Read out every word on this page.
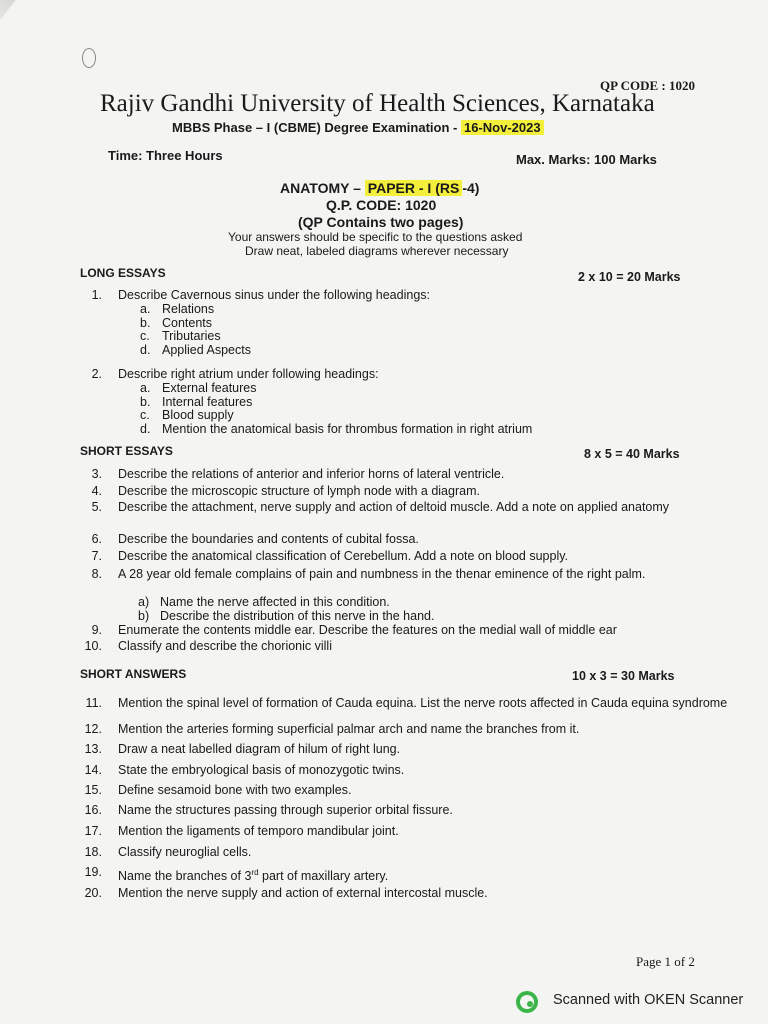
QP CODE : 1020
Rajiv Gandhi University of Health Sciences, Karnataka
MBBS Phase – I (CBME) Degree Examination - 16-Nov-2023
Time: Three Hours	Max. Marks: 100 Marks
ANATOMY – PAPER - I (RS -4)
Q.P. CODE: 1020
(QP Contains two pages)
Your answers should be specific to the questions asked
Draw neat, labeled diagrams wherever necessary
LONG ESSAYS	2 x 10 = 20 Marks
1. Describe Cavernous sinus under the following headings:
a. Relations
b. Contents
c. Tributaries
d. Applied Aspects
2. Describe right atrium under following headings:
a. External features
b. Internal features
c. Blood supply
d. Mention the anatomical basis for thrombus formation in right atrium
SHORT ESSAYS	8 x 5 = 40 Marks
3. Describe the relations of anterior and inferior horns of lateral ventricle.
4. Describe the microscopic structure of lymph node with a diagram.
5. Describe the attachment, nerve supply and action of deltoid muscle. Add a note on applied anatomy
6. Describe the boundaries and contents of cubital fossa.
7. Describe the anatomical classification of Cerebellum. Add a note on blood supply.
8. A 28 year old female complains of pain and numbness in the thenar eminence of the right palm.
a) Name the nerve affected in this condition.
b) Describe the distribution of this nerve in the hand.
9. Enumerate the contents middle ear. Describe the features on the medial wall of middle ear
10. Classify and describe the chorionic villi
SHORT ANSWERS	10 x 3 = 30 Marks
11. Mention the spinal level of formation of Cauda equina. List the nerve roots affected in Cauda equina syndrome
12. Mention the arteries forming superficial palmar arch and name the branches from it.
13. Draw a neat labelled diagram of hilum of right lung.
14. State the embryological basis of monozygotic twins.
15. Define sesamoid bone with two examples.
16. Name the structures passing through superior orbital fissure.
17. Mention the ligaments of temporo mandibular joint.
18. Classify neuroglial cells.
19. Name the branches of 3rd part of maxillary artery.
20. Mention the nerve supply and action of external intercostal muscle.
Page 1 of 2
Scanned with OKEN Scanner
